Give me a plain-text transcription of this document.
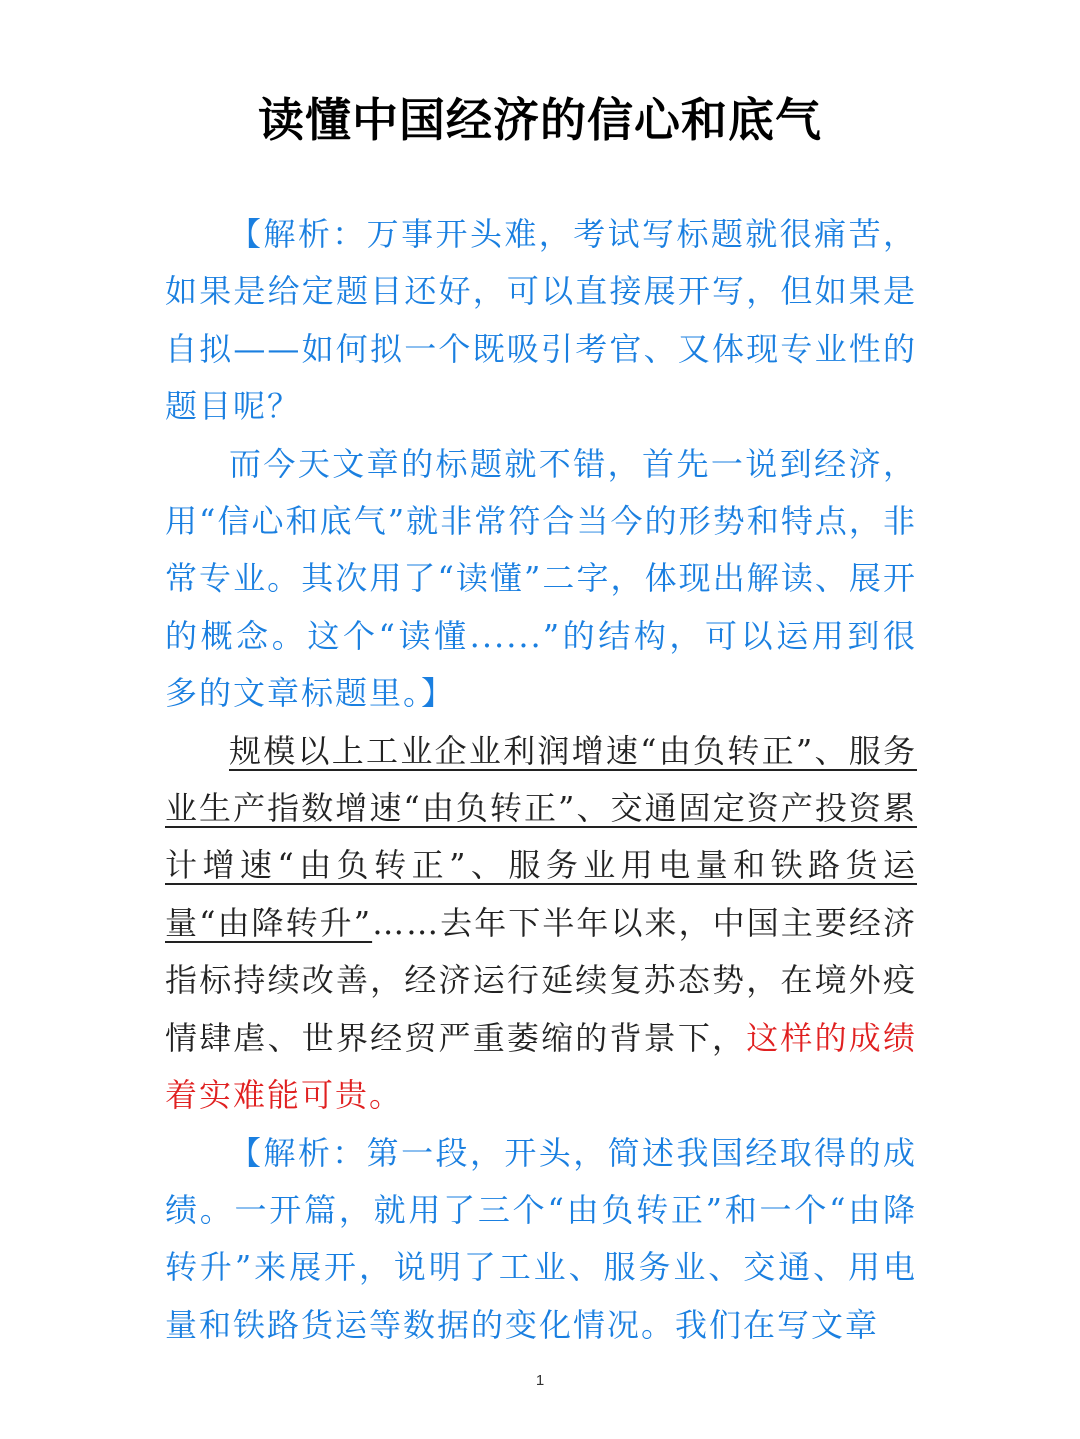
读懂中国经济的信心和底气

【解析：万事开头难，考试写标题就很痛苦，如果是给定题目还好，可以直接展开写，但如果是自拟——如何拟一个既吸引考官、又体现专业性的题目呢？

而今天文章的标题就不错，首先一说到经济，用“信心和底气”就非常符合当今的形势和特点，非常专业。其次用了“读懂”二字，体现出解读、展开的概念。这个“读懂......”的结构，可以运用到很多的文章标题里。】

规模以上工业企业利润增速“由负转正”、服务业生产指数增速“由负转正”、交通固定资产投资累计增速“由负转正”、服务业用电量和铁路货运量“由降转升”……去年下半年以来，中国主要经济指标持续改善，经济运行延续复苏态势，在境外疫情肆虐、世界经贸严重萎缩的背景下，这样的成绩着实难能可贵。

【解析：第一段，开头，简述我国经取得的成绩。一开篇，就用了三个“由负转正”和一个“由降转升”来展开，说明了工业、服务业、交通、用电量和铁路货运等数据的变化情况。我们在写文章

1
